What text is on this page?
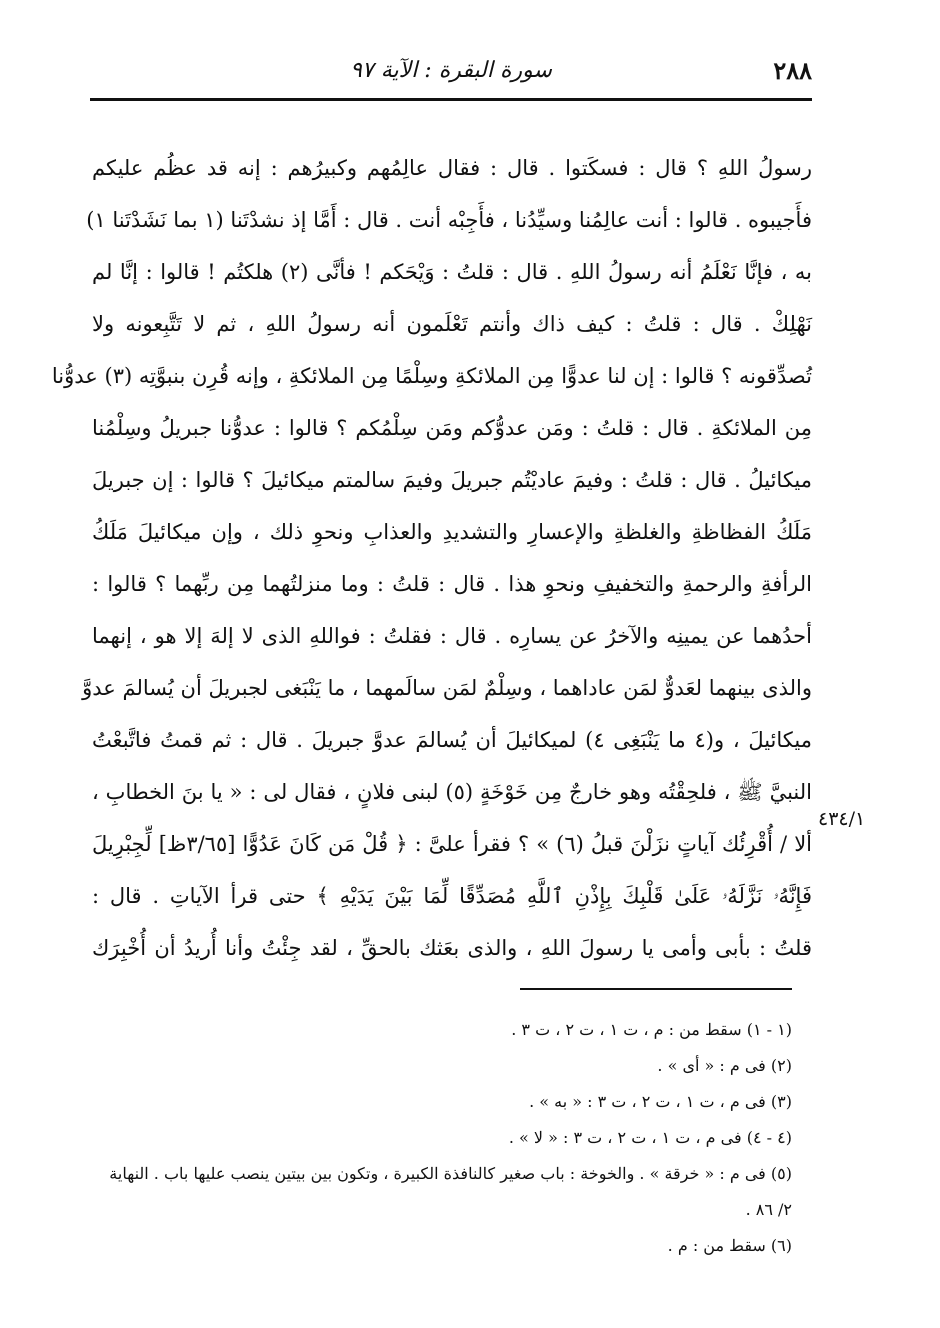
٢٨٨
سورة البقرة : الآية ٩٧
٤٣٤/١
رسولُ اللهِ ؟ قال : فسكَتوا . قال : فقال عالِمُهم وكبيرُهم : إنه قد عظُم عليكم
فأَجيبوه . قالوا : أنت عالِمُنا وسيِّدُنا ، فأَجِبْه أنت . قال : أَمَّا إذ نشدْتَنا (١ بما نَشَدْتَنا ١)
به ، فإنَّا نَعْلَمُ أنه رسولُ اللهِ . قال : قلتُ : وَيْحَكم ! فأنَّى (٢) هلكتُم ! قالوا : إنَّا لم
نَهْلِكْ . قال : قلتُ : كيف ذاك وأنتم تَعْلَمون أنه رسولُ اللهِ ، ثم لا تَتَّبِعونه ولا
تُصدِّقونه ؟ قالوا : إن لنا عدوًّا مِن الملائكةِ وسِلْمًا مِن الملائكةِ ، وإنه قُرِن بنبوَّتِه (٣) عدوُّنا
مِن الملائكةِ . قال : قلتُ : ومَن عدوُّكم ومَن سِلْمُكم ؟ قالوا : عدوُّنا جبريلُ وسِلْمُنا
ميكائيلُ . قال : قلتُ : وفيمَ عاديْتُم جبريلَ وفيمَ سالمتم ميكائيلَ ؟ قالوا : إن جبريلَ
مَلَكُ الفظاظةِ والغلظةِ والإعسارِ والتشديدِ والعذابِ ونحوِ ذلك ، وإن ميكائيلَ مَلَكُ
الرأفةِ والرحمةِ والتخفيفِ ونحوِ هذا . قال : قلتُ : وما منزلتُهما مِن ربِّهما ؟ قالوا :
أحدُهما عن يمينِه والآخرُ عن يسارِه . قال : فقلتُ : فواللهِ الذى لا إلهَ إلا هو ، إنهما
والذى بينهما لعَدوٌّ لمَن عاداهما ، وسِلْمٌ لمَن سالَمهما ، ما يَنْبَغى لجبريلَ أن يُسالمَ عدوَّ
ميكائيلَ ، و(٤ ما يَنْبَغِى ٤) لميكائيلَ أن يُسالمَ عدوَّ جبريلَ . قال : ثم قمتُ فاتَّبعْتُ
النبيَّ ﷺ ، فلحِقْتُه وهو خارجٌ مِن خَوْخَةٍ (٥) لبنى فلانٍ ، فقال لى : « يا بنَ الخطابِ ،
ألا / أُقْرِئُك آياتٍ نزَلْنَ قبلُ (٦) » ؟ فقرأ علىَّ : ﴿ قُلْ مَن كَانَ عَدُوًّا [٣/٦٥ظ] لِّجِبْرِيلَ
فَإِنَّهُۥ نَزَّلَهُۥ عَلَىٰ قَلْبِكَ بِإِذْنِ ٱللَّهِ مُصَدِّقًا لِّمَا بَيْنَ يَدَيْهِ ﴾ حتى قرأ الآياتِ . قال :
قلتُ : بأبى وأمى يا رسولَ اللهِ ، والذى بعَثك بالحقِّ ، لقد جِئْتُ وأنا أُريدُ أن أُخْبِرَك
(١ - ١) سقط من : م ، ت ١ ، ت ٢ ، ت ٣ .
(٢) فى م : « أى » .
(٣) فى م ، ت ١ ، ت ٢ ، ت ٣ : « به » .
(٤ - ٤) فى م ، ت ١ ، ت ٢ ، ت ٣ : « لا » .
(٥) فى م : « خرقة » . والخوخة : باب صغير كالنافذة الكبيرة ، وتكون بين بيتين ينصب عليها باب . النهاية
٢/ ٨٦ .
(٦) سقط من : م .
